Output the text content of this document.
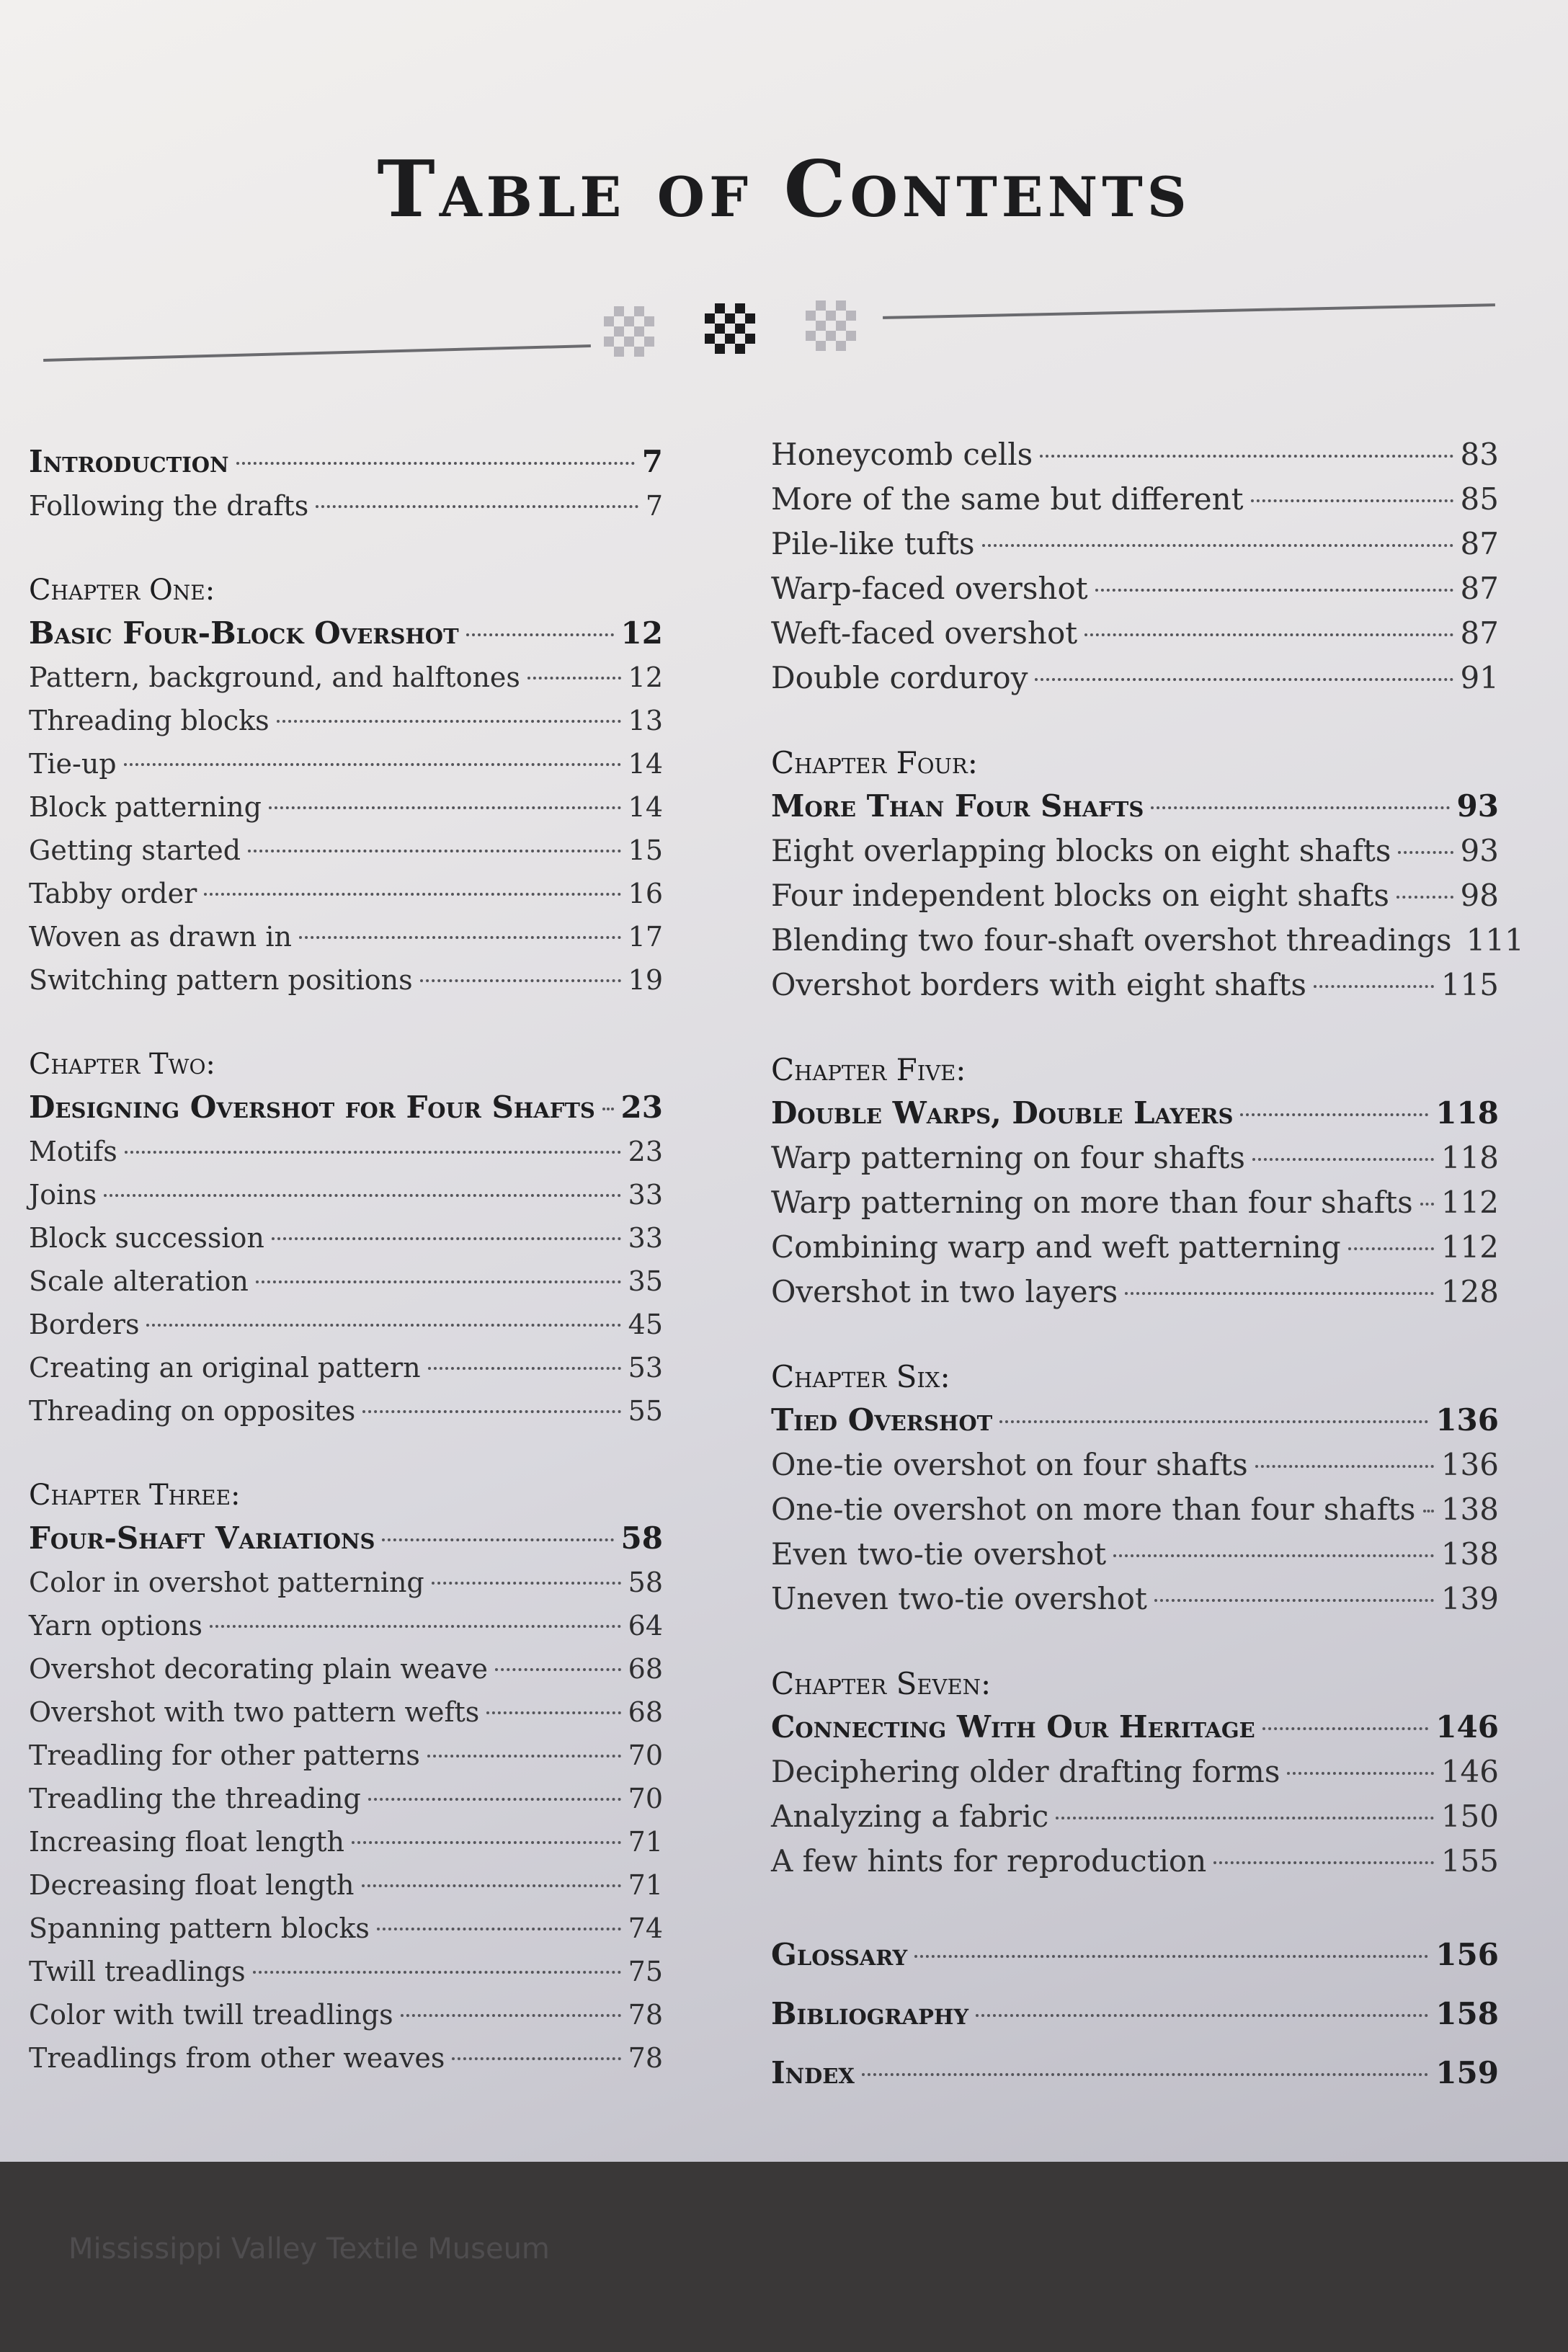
Table of Contents
Introduction	7
Following the drafts	7
Chapter One:
Basic Four-Block Overshot	12
Pattern, background, and halftones	12
Threading blocks	13
Tie-up	14
Block patterning	14
Getting started	15
Tabby order	16
Woven as drawn in	17
Switching pattern positions	19
Chapter Two:
Designing Overshot for Four Shafts 23
Motifs	23
Joins	33
Block succession	33
Scale alteration	35
Borders	45
Creating an original pattern	53
Threading on opposites	55
Chapter Three:
Four-Shaft Variations	58
Color in overshot patterning	58
Yarn options	64
Overshot decorating plain weave	68
Overshot with two pattern wefts	68
Treadling for other patterns	70
Treadling the threading	70
Increasing float length	71
Decreasing float length	71
Spanning pattern blocks	74
Twill treadlings	75
Color with twill treadlings	78
Treadlings from other weaves	78
Honeycomb cells	83
More of the same but different	85
Pile-like tufts	87
Warp-faced overshot	87
Weft-faced overshot	87
Double corduroy	91
Chapter Four:
More Than Four Shafts	93
Eight overlapping blocks on eight shafts 93
Four independent blocks on eight shafts 98
Blending two four-shaft overshot threadings 111
Overshot borders with eight shafts	115
Chapter Five:
Double Warps, Double Layers	118
Warp patterning on four shafts	118
Warp patterning on more than four shafts 112
Combining warp and weft patterning	112
Overshot in two layers	128
Chapter Six:
Tied Overshot	136
One-tie overshot on four shafts	136
One-tie overshot on more than four shafts 138
Even two-tie overshot	138
Uneven two-tie overshot	139
Chapter Seven:
Connecting With Our Heritage	146
Deciphering older drafting forms	146
Analyzing a fabric	150
A few hints for reproduction	155
Glossary	156
Bibliography	158
Index	159
Mississippi Valley Textile Museum
